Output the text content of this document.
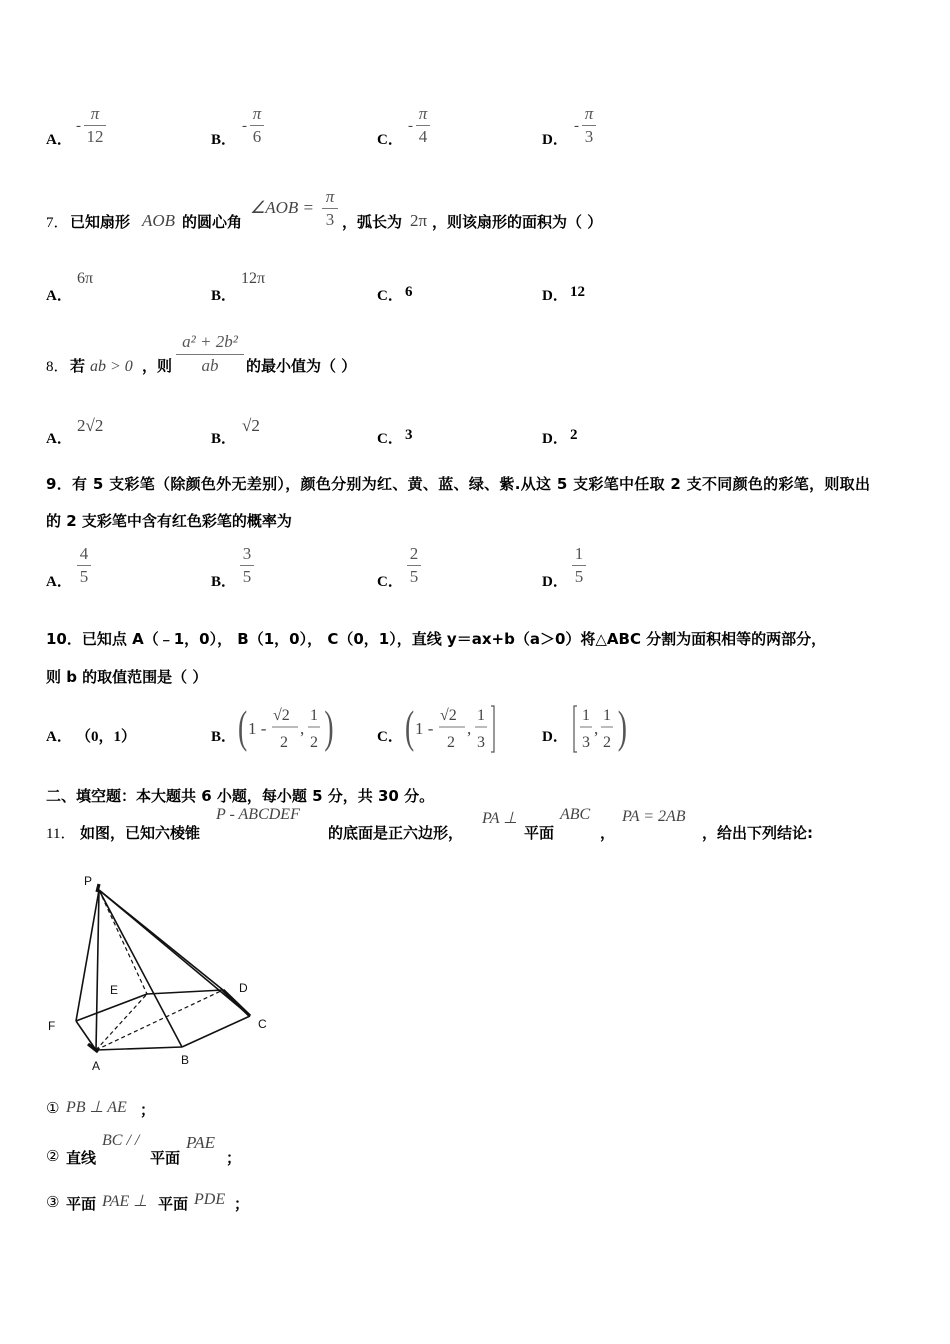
A．
-
π
12	B．
-
π
6	C．
-
π
4	D．
-
π
3
7． 已知扇形 AOB 的圆心角
∠AOB =
π
3 ，弧长为 2π ，则该扇形的面积为（ ）
A．
6π
B．
12π
C． 6	D． 12
8． 若 ab > 0 ，则
a² + 2b²
ab	的最小值为（ ）
A．
2√2
B．
√2
C． 3	D． 2
9．有 5 支彩笔（除颜色外无差别），颜色分别为红、黄、蓝、绿、紫.从这 5 支彩笔中任取 2 支不同颜色的彩笔，则取出
的 2 支彩笔中含有红色彩笔的概率为
A．
4
5	B．
3
5	C．
2
5	D．
1
5
10．已知点 A（﹣1，0）， B（1，0）， C（0，1），直线 y＝ax+b（a＞0）将△ABC 分割为面积相等的两部分，
则 b 的取值范围是（ ）
A． （0，1）	B． ( 1 -
√2
2
,
1
2 )	C． ( 1 -
√2
2
,
1
3	D．
1
3
,
1
2 )
二、填空题：本大题共 6 小题，每小题 5 分，共 30 分。
11． 如图，已知六棱锥
P - ABCDEF
的底面是正六边形，
PA ⊥
平面
ABC
，
PA = 2AB
，给出下列结论:
P
E	D
F	C
A	B
① PB ⊥ AE ；
② 直线
BC / /
平面
PAE
；
③ 平面 PAE ⊥ 平面 PDE ；
